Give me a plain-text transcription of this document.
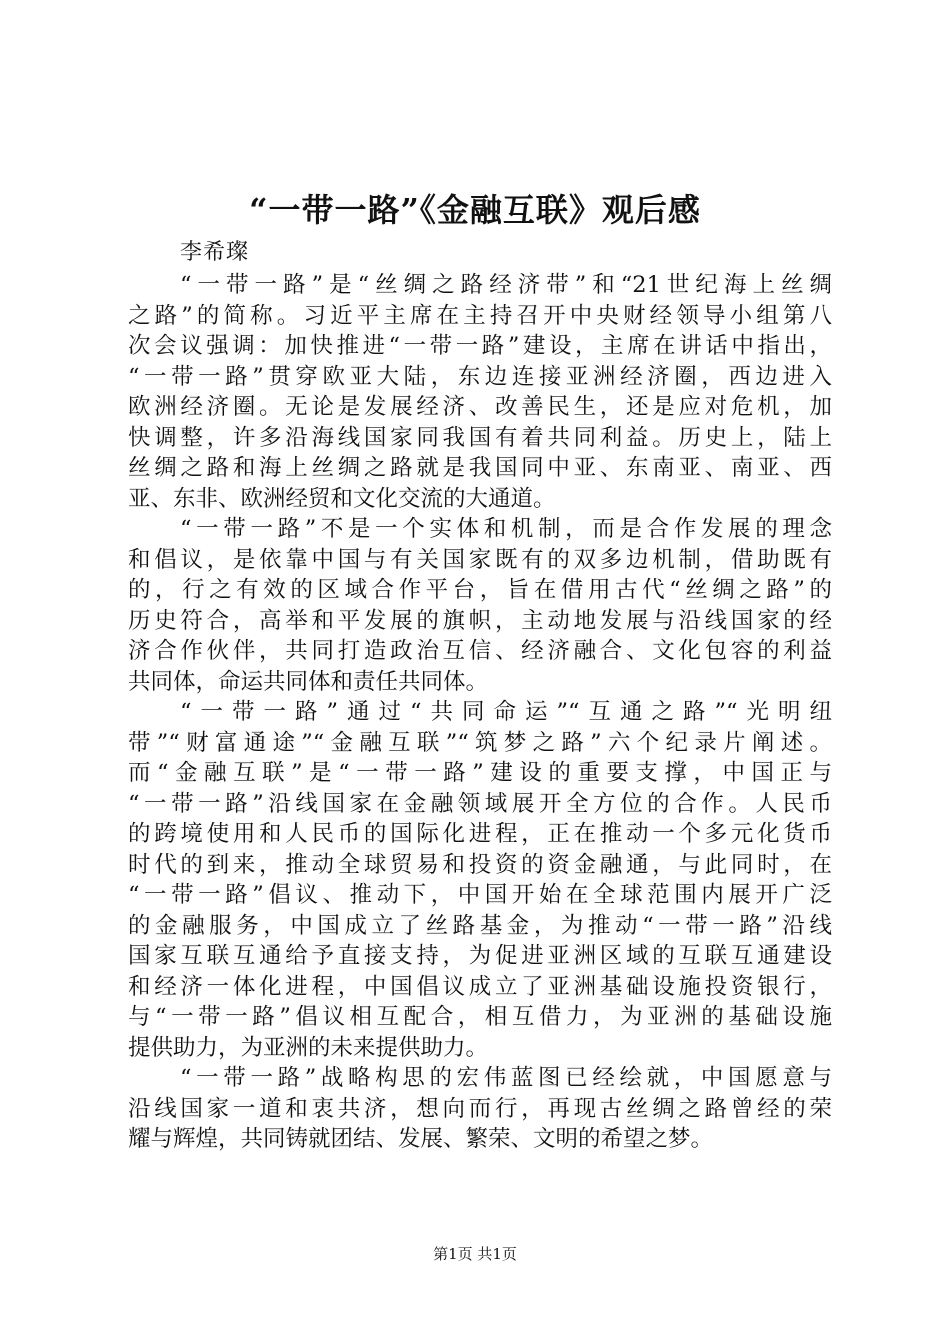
“一带一路”《金融互联》观后感
李希璨
“一带一路”是“丝绸之路经济带”和“21世纪海上丝绸
之路”的简称。习近平主席在主持召开中央财经领导小组第八
次会议强调：加快推进“一带一路”建设，主席在讲话中指出，
“一带一路”贯穿欧亚大陆，东边连接亚洲经济圈，西边进入
欧洲经济圈。无论是发展经济、改善民生，还是应对危机，加
快调整，许多沿海线国家同我国有着共同利益。历史上，陆上
丝绸之路和海上丝绸之路就是我国同中亚、东南亚、南亚、西
亚、东非、欧洲经贸和文化交流的大通道。
“一带一路”不是一个实体和机制，而是合作发展的理念
和倡议，是依靠中国与有关国家既有的双多边机制，借助既有
的，行之有效的区域合作平台，旨在借用古代“丝绸之路”的
历史符合，高举和平发展的旗帜，主动地发展与沿线国家的经
济合作伙伴，共同打造政治互信、经济融合、文化包容的利益
共同体，命运共同体和责任共同体。
“一带一路”通过“共同命运”“互通之路”“光明纽
带”“财富通途”“金融互联”“筑梦之路”六个纪录片阐述。
而“金融互联”是“一带一路”建设的重要支撑，中国正与
“一带一路”沿线国家在金融领域展开全方位的合作。人民币
的跨境使用和人民币的国际化进程，正在推动一个多元化货币
时代的到来，推动全球贸易和投资的资金融通，与此同时，在
“一带一路”倡议、推动下，中国开始在全球范围内展开广泛
的金融服务，中国成立了丝路基金，为推动“一带一路”沿线
国家互联互通给予直接支持，为促进亚洲区域的互联互通建设
和经济一体化进程，中国倡议成立了亚洲基础设施投资银行，
与“一带一路”倡议相互配合，相互借力，为亚洲的基础设施
提供助力，为亚洲的未来提供助力。
“一带一路”战略构思的宏伟蓝图已经绘就，中国愿意与
沿线国家一道和衷共济，想向而行，再现古丝绸之路曾经的荣
耀与辉煌，共同铸就团结、发展、繁荣、文明的希望之梦。
第1页 共1页
